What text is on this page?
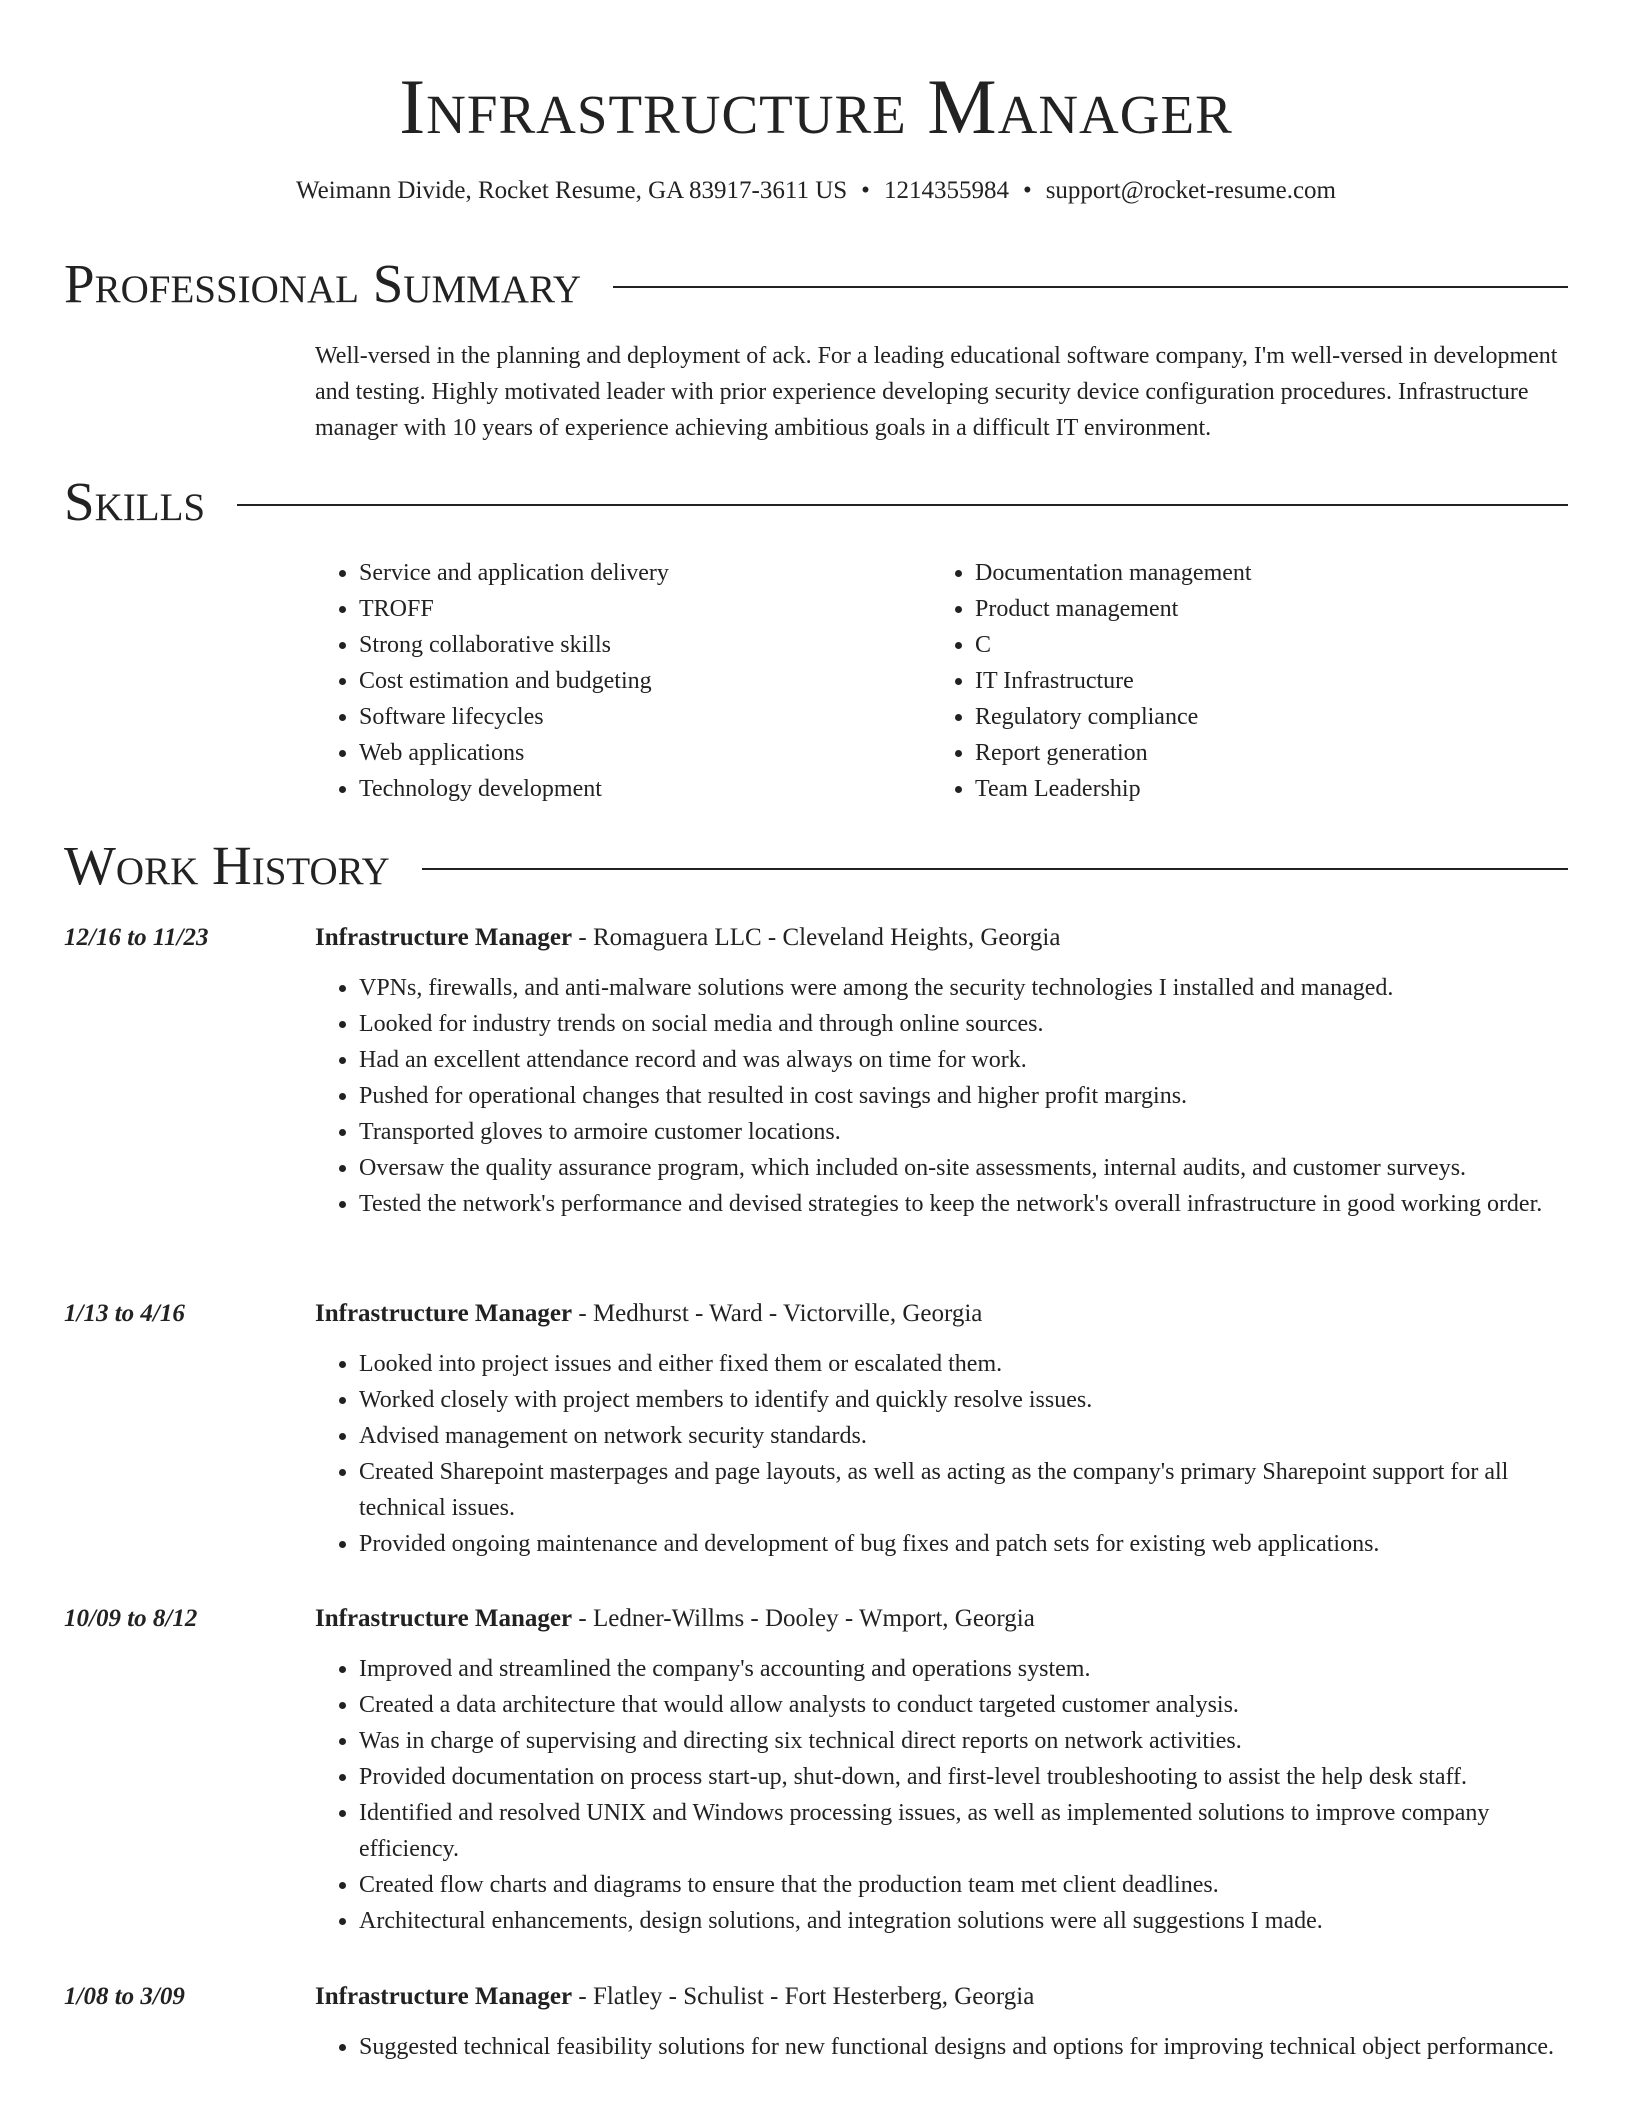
Infrastructure Manager
Weimann Divide, Rocket Resume, GA 83917-3611 US • 1214355984 • support@rocket-resume.com
Professional Summary
Well-versed in the planning and deployment of ack. For a leading educational software company, I'm well-versed in development and testing. Highly motivated leader with prior experience developing security device configuration procedures. Infrastructure manager with 10 years of experience achieving ambitious goals in a difficult IT environment.
Skills
• Service and application delivery
• TROFF
• Strong collaborative skills
• Cost estimation and budgeting
• Software lifecycles
• Web applications
• Technology development
• Documentation management
• Product management
• C
• IT Infrastructure
• Regulatory compliance
• Report generation
• Team Leadership
Work History
12/16 to 11/23	Infrastructure Manager - Romaguera LLC - Cleveland Heights, Georgia
• VPNs, firewalls, and anti-malware solutions were among the security technologies I installed and managed.
• Looked for industry trends on social media and through online sources.
• Had an excellent attendance record and was always on time for work.
• Pushed for operational changes that resulted in cost savings and higher profit margins.
• Transported gloves to armoire customer locations.
• Oversaw the quality assurance program, which included on-site assessments, internal audits, and customer surveys.
• Tested the network's performance and devised strategies to keep the network's overall infrastructure in good working order.
1/13 to 4/16	Infrastructure Manager - Medhurst - Ward - Victorville, Georgia
• Looked into project issues and either fixed them or escalated them.
• Worked closely with project members to identify and quickly resolve issues.
• Advised management on network security standards.
• Created Sharepoint masterpages and page layouts, as well as acting as the company's primary Sharepoint support for all technical issues.
• Provided ongoing maintenance and development of bug fixes and patch sets for existing web applications.
10/09 to 8/12	Infrastructure Manager - Ledner-Willms - Dooley - Wmport, Georgia
• Improved and streamlined the company's accounting and operations system.
• Created a data architecture that would allow analysts to conduct targeted customer analysis.
• Was in charge of supervising and directing six technical direct reports on network activities.
• Provided documentation on process start-up, shut-down, and first-level troubleshooting to assist the help desk staff.
• Identified and resolved UNIX and Windows processing issues, as well as implemented solutions to improve company efficiency.
• Created flow charts and diagrams to ensure that the production team met client deadlines.
• Architectural enhancements, design solutions, and integration solutions were all suggestions I made.
1/08 to 3/09	Infrastructure Manager - Flatley - Schulist - Fort Hesterberg, Georgia
• Suggested technical feasibility solutions for new functional designs and options for improving technical object performance.
